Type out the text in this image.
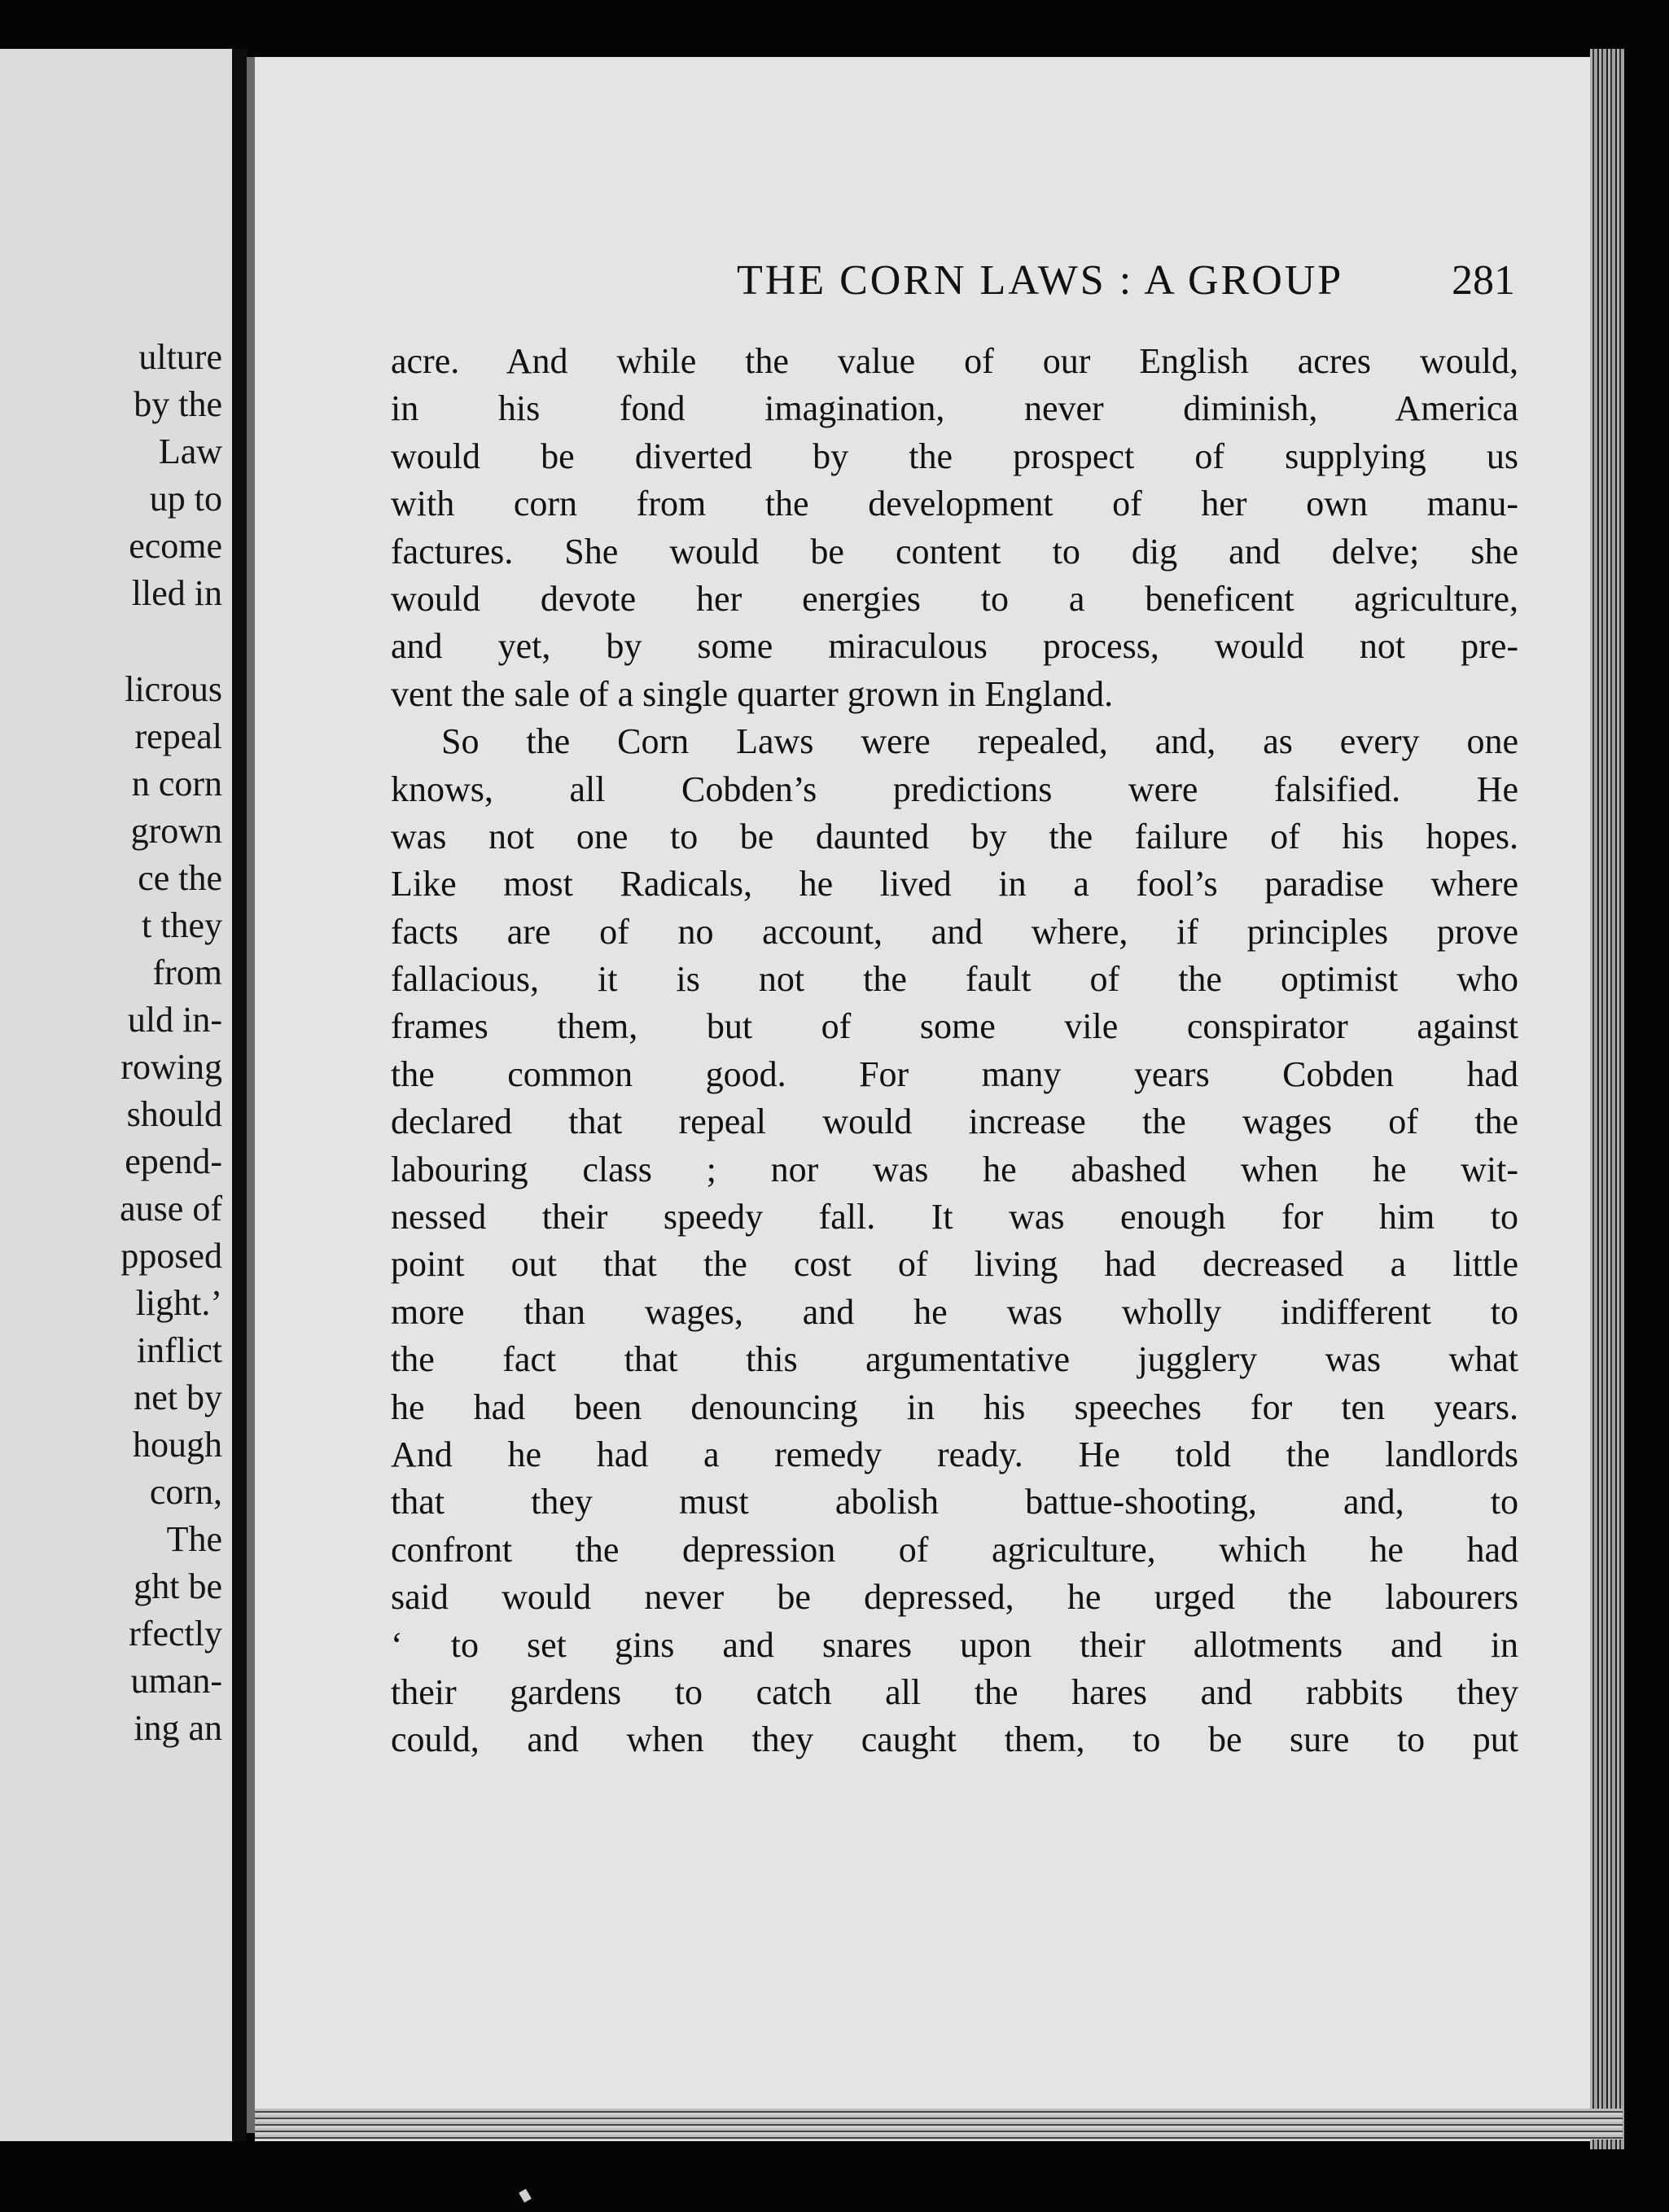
ulture
by the
Law
up to
ecome
lled in
licrous
repeal
n corn
grown
ce the
t they
from
uld in-
rowing
should
epend-
ause of
pposed
light.’
inflict
net by
hough
corn,
The
ght be
rfectly
uman-
ing an
THE CORN LAWS : A GROUP	281
acre. And while the value of our English acres would,
in his fond imagination, never diminish, America
would be diverted by the prospect of supplying us
with corn from the development of her own manu-
factures. She would be content to dig and delve; she
would devote her energies to a beneficent agriculture,
and yet, by some miraculous process, would not pre-
vent the sale of a single quarter grown in England.
So the Corn Laws were repealed, and, as every one
knows, all Cobden’s predictions were falsified. He
was not one to be daunted by the failure of his hopes.
Like most Radicals, he lived in a fool’s paradise where
facts are of no account, and where, if principles prove
fallacious, it is not the fault of the optimist who
frames them, but of some vile conspirator against
the common good. For many years Cobden had
declared that repeal would increase the wages of the
labouring class ; nor was he abashed when he wit-
nessed their speedy fall. It was enough for him to
point out that the cost of living had decreased a little
more than wages, and he was wholly indifferent to
the fact that this argumentative jugglery was what
he had been denouncing in his speeches for ten years.
And he had a remedy ready. He told the landlords
that they must abolish battue-shooting, and, to
confront the depression of agriculture, which he had
said would never be depressed, he urged the labourers
‘ to set gins and snares upon their allotments and in
their gardens to catch all the hares and rabbits they
could, and when they caught them, to be sure to put
